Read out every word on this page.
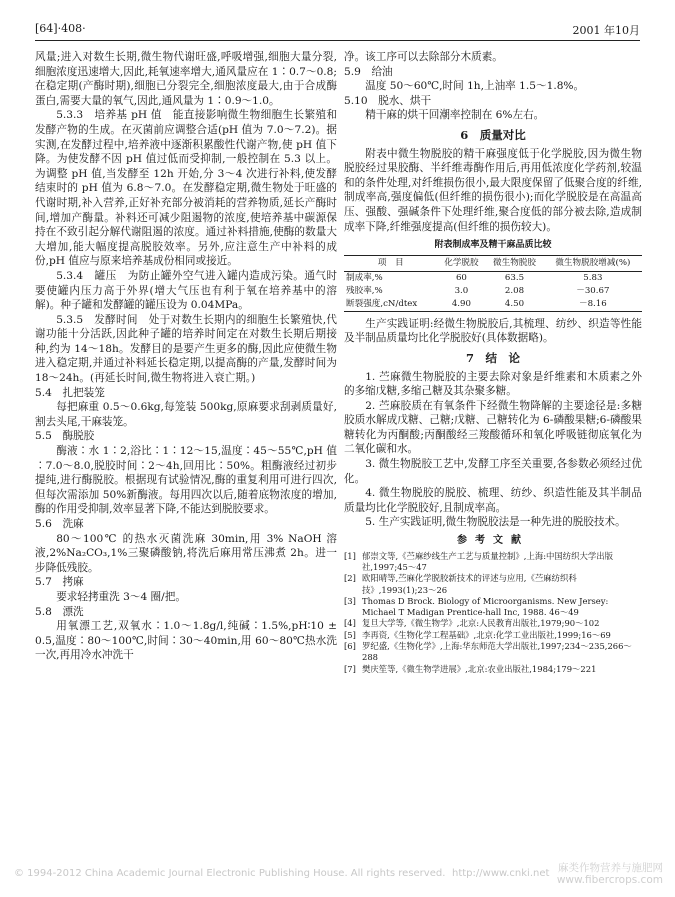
[64]·408·	2001 年10月

风量;进入对数生长期,微生物代谢旺盛,呼吸增强,细胞大量分裂,细胞浓度迅速增大,因此,耗氧速率增大,通风量应在 1∶0.7～0.8;在稳定期(产酶时期),细胞已分裂完全,细胞浓度最大,由于合成酶蛋白,需要大量的氧气,因此,通风量为 1∶0.9～1.0。

5.3.3　培养基 pH 值　 能直接影响微生物细胞生长繁殖和发酵产物的生成。在灭菌前应调整合适(pH 值为 7.0～7.2)。据实测,在发酵过程中,培养液中逐渐积累酸性代谢产物,使 pH 值下降。为使发酵不因 pH 值过低而受抑制,一般控制在 5.3 以上。为调整 pH 值,当发酵至 12h 开始,分 3～4 次进行补料,使发酵结束时的 pH 值为 6.8～7.0。在发酵稳定期,微生物处于旺盛的代谢时期,补入营养,正好补充部分被消耗的营养物质,延长产酶时间,增加产酶量。补料还可减少阻遏物的浓度,使培养基中碳源保持在不致引起分解代谢阻遏的浓度。通过补料措施,使酶的数量大大增加,能大幅度提高脱胶效率。另外,应注意生产中补料的成份,pH 值应与原来培养基成份相同或接近。

5.3.4　罐压　 为防止罐外空气进入罐内造成污染。通气时要使罐内压力高于外界(增大气压也有利于氧在培养基中的溶解)。种子罐和发酵罐的罐压设为 0.04MPa。

5.3.5　发酵时间　 处于对数生长期内的细胞生长繁殖快,代谢功能十分活跃,因此种子罐的培养时间定在对数生长期后期接种,约为 14～18h。发酵目的是要产生更多的酶,因此应使微生物进入稳定期,并通过补料延长稳定期,以提高酶的产量,发酵时间为 18～24h。(再延长时间,微生物将进入衰亡期。)

5.4　扎把装笼

每把麻重 0.5～0.6kg,每笼装 500kg,原麻要求刮剥质量好,割去头尾,干麻装笼。

5.5　酶脱胶

酶液∶水 1∶2,浴比∶1∶12～15,温度∶45～55℃,pH 值∶7.0～8.0,脱胶时间∶2～4h,回用比∶50%。粗酶液经过初步提纯,进行酶脱胶。根据现有试验情况,酶的重复利用可进行四次,但每次需添加 50%新酶液。每用四次以后,随着底物浓度的增加,酶的作用受抑制,效率显著下降,不能达到脱胶要求。

5.6　洗麻

80～100℃ 的热水灭菌洗麻 30min,用 3% NaOH 溶液,2%Na₂CO₃,1%三聚磷酸钠,将洗后麻用常压沸煮 2h。进一步降低残胶。

5.7　拷麻

要求轻拷重洗 3～4 圈/把。

5.8　漂洗

用氧漂工艺,双氧水∶1.0～1.8g/l,纯碱∶1.5%,pH∶10 ± 0.5,温度∶80～100℃,时间∶30～40min,用 60～80℃热水洗一次,再用冷水冲洗干

净。该工序可以去除部分木质素。

5.9　给油

温度 50～60℃,时间 1h,上油率 1.5～1.8%。

5.10　脱水、烘干

精干麻的烘干回潮率控制在 6%左右。

6　质量对比

附表中微生物脱胶的精干麻强度低于化学脱胶,因为微生物脱胶经过果胶酶、半纤维毒酶作用后,再用低浓度化学药剂,较温和的条件处理,对纤维损伤很小,最大限度保留了低聚合度的纤维,制成率高,强度偏低(但纤维的损伤很小);而化学脱胶是在高温高压、强酸、强碱条件下处理纤维,聚合度低的部分被去除,造成制成率下降,纤维强度提高(但纤维的损伤较大)。

附表制成率及精干麻品质比较
项　目	化学脱胶	微生物脱胶	微生物脱胶增减(%)
制成率,%	60	63.5	5.83
残胶率,%	3.0	2.08	－30.67
断裂强度,cN/dtex	4.90	4.50	－8.16

生产实践证明:经微生物脱胶后,其梳理、纺纱、织造等性能及半制品质量均比化学脱胶好(具体数据略)。

7　结　论

1. 苎麻微生物脱胶的主要去除对象是纤维素和木质素之外的多缩戊糖,多缩己糖及其杂聚多糖。

2. 苎麻胶质在有氧条件下经微生物降解的主要途径是:多糖胶质水解成戊糖、己糖;戊糖、己糖转化为 6-磷酸果糖;6-磷酸果糖转化为丙酮酸;丙酮酸经三羧酸循环和氧化呼吸链彻底氧化为二氧化碳和水。

3. 微生物脱胶工艺中,发酵工序至关重要,各参数必须经过优化。

4. 微生物脱胶的脱胶、梳理、纺纱、织造性能及其半制品质量均比化学脱胶好,且制成率高。

5. 生产实践证明,微生物脱胶法是一种先进的脱胶技术。

参考文献
[1] 郁崇文等,《苎麻纱线生产工艺与质量控制》,上海:中国纺织大学出版社,1997;45～47
[2] 欧阳晴等,苎麻化学脱胶新技术的评述与应用,《苎麻纺织科技》,1993(1);23～26
[3] Thomas D Brock. Biology of Microorganisms. New Jersey: Michael T Madigan Prentice-hall Inc, 1988. 46～49
[4] 复旦大学等,《微生物学》,北京:人民教育出版社,1979;90～102
[5] 李再资,《生物化学工程基础》,北京:化学工业出版社,1999;16～69
[6] 罗纪盛,《生物化学》,上海:华东师范大学出版社,1997;234～235,266～288
[7] 樊庆笙等,《微生物学进展》,北京:农业出版社,1984;179～221
© 1994-2012 China Academic Journal Electronic Publishing House. All rights reserved. http://www.cnki.net 麻类作物营养与施肥网
www.fibercrops.com
